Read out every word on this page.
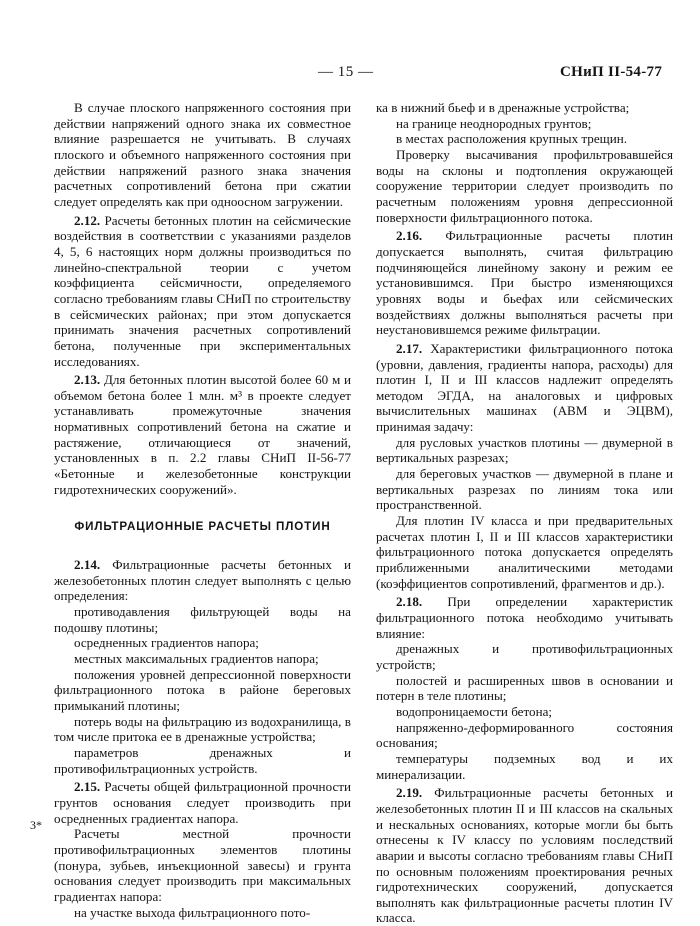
— 15 —	СНиП II-54-77

В случае плоского напряженного состояния при действии напряжений одного знака их совместное влияние разрешается не учитывать. В случаях плоского и объемного напряженного состояния при действии напряжений разного знака значения расчетных сопротивлений бетона при сжатии следует определять как при одноосном загружении.

2.12. Расчеты бетонных плотин на сейсмические воздействия в соответствии с указаниями разделов 4, 5, 6 настоящих норм должны производиться по линейно-спектральной теории с учетом коэффициента сейсмичности, определяемого согласно требованиям главы СНиП по строительству в сейсмических районах; при этом допускается принимать значения расчетных сопротивлений бетона, полученные при экспериментальных исследованиях.

2.13. Для бетонных плотин высотой более 60 м и объемом бетона более 1 млн. м³ в проекте следует устанавливать промежуточные значения нормативных сопротивлений бетона на сжатие и растяжение, отличающиеся от значений, установленных в п. 2.2 главы СНиП II-56-77 «Бетонные и железобетонные конструкции гидротехнических сооружений».

ФИЛЬТРАЦИОННЫЕ РАСЧЕТЫ ПЛОТИН

2.14. Фильтрационные расчеты бетонных и железобетонных плотин следует выполнять с целью определения:

противодавления фильтрующей воды на подошву плотины;

осредненных градиентов напора;

местных максимальных градиентов напора;

положения уровней депрессионной поверхности фильтрационного потока в районе береговых примыканий плотины;

потерь воды на фильтрацию из водохранилища, в том числе притока ее в дренажные устройства;

параметров дренажных и противофильтрационных устройств.

2.15. Расчеты общей фильтрационной прочности грунтов основания следует производить при осредненных градиентах напора.

Расчеты местной прочности противофильтрационных элементов плотины (понура, зубьев, инъекционной завесы) и грунта основания следует производить при максимальных градиентах напора:

на участке выхода фильтрационного пото-

ка в нижний бьеф и в дренажные устройства;

на границе неоднородных грунтов;

в местах расположения крупных трещин.

Проверку высачивания профильтровавшейся воды на склоны и подтопления окружающей сооружение территории следует производить по расчетным положениям уровня депрессионной поверхности фильтрационного потока.

2.16. Фильтрационные расчеты плотин допускается выполнять, считая фильтрацию подчиняющейся линейному закону и режим ее установившимся. При быстро изменяющихся уровнях воды и бьефах или сейсмических воздействиях должны выполняться расчеты при неустановившемся режиме фильтрации.

2.17. Характеристики фильтрационного потока (уровни, давления, градиенты напора, расходы) для плотин I, II и III классов надлежит определять методом ЭГДА, на аналоговых и цифровых вычислительных машинах (АВМ и ЭЦВМ), принимая задачу:

для русловых участков плотины — двумерной в вертикальных разрезах;

для береговых участков — двумерной в плане и вертикальных разрезах по линиям тока или пространственной.

Для плотин IV класса и при предварительных расчетах плотин I, II и III классов характеристики фильтрационного потока допускается определять приближенными аналитическими методами (коэффициентов сопротивлений, фрагментов и др.).

2.18. При определении характеристик фильтрационного потока необходимо учитывать влияние:

дренажных и противофильтрационных устройств;

полостей и расширенных швов в основании и потерн в теле плотины;

водопроницаемости бетона;

напряженно-деформированного состояния основания;

температуры подземных вод и их минерализации.

2.19. Фильтрационные расчеты бетонных и железобетонных плотин II и III классов на скальных и нескальных основаниях, которые могли бы быть отнесены к IV классу по условиям последствий аварии и высоты согласно требованиям главы СНиП по основным положениям проектирования речных гидротехнических сооружений, допускается выполнять как фильтрационные расчеты плотин IV класса.

3*
